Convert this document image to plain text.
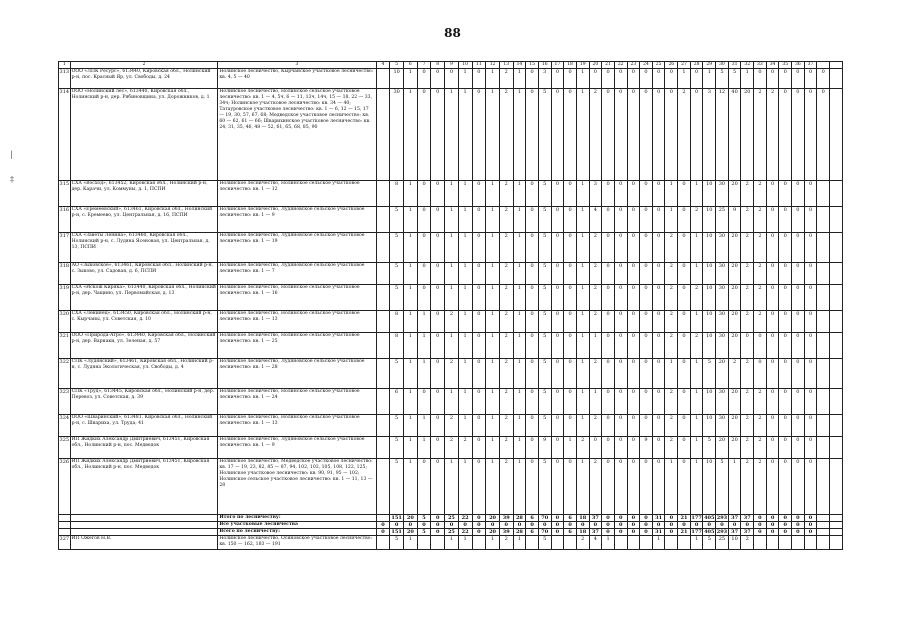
88
|
‡
1	2	3	4	5	6	7	8	9	10	11	12	13	14	15	16	17	18	19	20	21	22	23	24	25	26	27	28	29	30	31	32	33	34	35	36	37		
313	ООО «ЛПК Ресурс», 613440, Кировская обл., Нолинский р-н, пос. Красный Яр, ул. Свободы, д. 24	Нолинское лесничество, Кырчанское участковое лесничество: кв. 4, 5 — 40		10	1	0	0	0	1	0	1	2	1	0	3	0	0	1	0	0	0	0	0	0	0	1	0	1	5	5	1	0	0	0	0	0	0	
314	ООО «Нолинский лес», 613440, Кировская обл., Нолинский р-н, дер. Рябиновщина, ул. Дорожников, д. 1	Нолинское лесничество, Нолинское сельское участковое лесничество: кв. 1 — 4, 5ч, 6 — 11, 13ч, 14ч, 15 — 18, 22 — 33, 34ч; Нолинское участковое лесничество: кв. 34 — 40; Татауровское участковое лесничество: кв. 1 — 6, 12 — 15, 17 — 19, 30, 57, 67, 68; Медведское участковое лесничество: кв. 60 — 62, 61 — 66; Шварихинское участковое лесничество: кв. 24, 31, 35, 46, 48 — 52, 61, 65, 68, 85, 90		30	1	0	0	1	1	0	1	2	1	0	5	0	0	1	2	0	0	0	0	0	0	2	0	3	12	40	20	2	2	0	0	0	0	
315	СХА «Восход», 613452, Кировская обл., Нолинский р-н, дер. Карачи, ул. Коммуны, д. 1, ПСПИ	Нолинское лесничество, Нолинское сельское участковое лесничество: кв. 1 — 12		8	1	0	0	1	1	0	1	2	1	0	5	0	0	1	3	0	0	0	0	0	1	0	1	10	30	20	2	2	0	0	0	0		
316	СХА «Еремеевский», 613461, Кировская обл., Нолинский р-н, с. Еремеево, ул. Центральная, д. 16, ПСПИ	Нолинское лесничество, Лудяновское сельское участковое лесничество: кв. 1 — 9		5	1	0	0	1	1	0	1	2	1	0	5	0	0	1	4	0	0	0	0	0	1	0	2	10	25	9	2	2	0	0	0	0		
317	СХА «Заветы Ленина», 613460, Кировская обл., Нолинский р-н, с. Лудяна Ясеновая, ул. Центральная, д. 13, ПСПИ	Нолинское лесничество, Лудяновское сельское участковое лесничество: кв. 1 — 19		5	1	0	0	1	1	0	1	2	1	0	5	0	0	1	2	0	0	0	0	0	2	0	1	10	30	20	2	2	0	0	0	0		
318	АО «Зыковское», 613461, Кировская обл., Нолинский р-н, с. Зыково, ул. Садовая, д. 6, ПСПИ	Нолинское лесничество, Лудяновское сельское участковое лесничество: кв. 1 — 7		5	1	0	0	1	1	0	1	2	1	0	5	0	0	1	2	0	0	0	0	0	2	0	1	10	30	20	2	2	0	0	0	0		
319	СХА «Искож Киряка», 613440, Кировская обл., Нолинский р-н, дер. Чащино, ул. Первомайская, д. 13	Нолинское лесничество, Нолинское сельское участковое лесничество: кв. 1 — 16		5	1	0	0	1	1	0	1	2	1	0	5	0	0	1	2	0	0	0	0	0	2	0	2	10	30	20	2	2	0	0	0	0		
320	СХА «Ленинец», 613450, Кировская обл., Нолинский р-н, с. Кырчаны, ул. Советская, д. 10	Нолинское лесничество, Нолинское сельское участковое лесничество: кв. 1 — 13		8	1	1	0	2	1	0	1	2	1	0	5	0	0	1	2	0	0	0	0	0	2	0	1	10	30	20	2	2	0	0	0	0		
321	ООО «Природа-Агро», 613440, Кировская обл., Нолинский р-н, дер. Варнаки, ул. Зеленая, д. 57	Нолинское лесничество, Нолинское сельское участковое лесничество: кв. 1 — 25		8	1	1	0	1	1	0	1	2	1	0	5	0	0	1	1	0	0	0	0	0	2	0	2	10	30	20	0	0	0	0	0	0		
322	СПК «Лудянский», 613461, Кировская обл., Нолинский р-н, с. Лудяна Экологическая, ул. Свободы, д. 4	Нолинское лесничество, Лудяновское сельское участковое лесничество: кв. 1 — 28		5	1	1	0	2	1	0	1	2	1	0	5	0	0	1	2	0	0	0	0	0	1	0	1	5	20	2	2	0	0	0	0	0		
323	СПК «Труд», 613445, Кировская обл., Нолинский р-н, дер. Перевоз, ул. Советская, д. 39	Нолинское лесничество, Нолинское сельское участковое лесничество: кв. 1 — 24		6	1	0	0	1	1	0	1	2	1	0	5	0	0	1	1	0	0	0	0	0	2	0	1	10	30	20	2	2	0	0	0	0		
324	ООО «Шваринский», 613481, Кировская обл., Нолинский р-н, с. Швариха, ул. Труда, 41	Нолинское лесничество, Нолинское сельское участковое лесничество: кв. 1 — 13		5	1	1	0	2	1	0	1	2	1	0	5	0	0	1	2	0	0	0	0	0	2	0	1	10	30	20	2	2	0	0	0	0		
325	ИП Жидких Александр Дмитриевич, 613451, Кировская обл., Нолинский р-н, пос. Медведок	Нолинское лесничество, Лудяновское сельское участковое лесничество: кв. 1 — 9		5	1	1	0	2	2	0	1	2	1	0	9	0	1	2	0	0	0	0	9	0	2	0	1	5	20	20	2	2	0	0	0	0		
326	ИП Жидких Александр Дмитриевич, 613451, Кировская обл., Нолинский р-н, пос. Медведок	Нолинское лесничество, Медведское участковое лесничество: кв. 17 — 19, 23, 82, 85 — 87, 94, 102, 103, 105, 108, 122, 125; Нолинское участковое лесничество: кв. 90, 91, 95 — 102; Нолинское сельское участковое лесничество: кв. 1 — 11, 13 — 28		5	1	0	0	1	1	0	1	2	1	0	5	0	0	1	2	0	0	0	0	0	1	0	1	10	5	1	2	2	0	0	0	0		
		Итого по лесничеству:		151	20	5	0	25	22	0	20	39	28	6	70	0	6	18	37	0	0	0	0	31	0	21	177	405	293	37	37	0	0	0	0	0		
		Все участковые лесничества	0	0	0	0	0	0	0	0	0	0	0	0	0	0	0	0	0	0	0	0	0	0	0	0	0	0	0	0	0	0	0	0	0	0		
		Всего по лесничеству:	0	151	20	5	0	25	22	0	20	39	28	6	70	0	6	18	37	0	0	0	0	31	0	21	177	405	293	37	37	0	0	0	0	0		
327	ИП Ожегов Н.В.	Нолинское лесничество, Осиновское участковое лесничество: кв. 150 — 162, 183 — 191		5	1			1	1		1	2	1		5			2	4	1				1			1	5	25	10	2							
